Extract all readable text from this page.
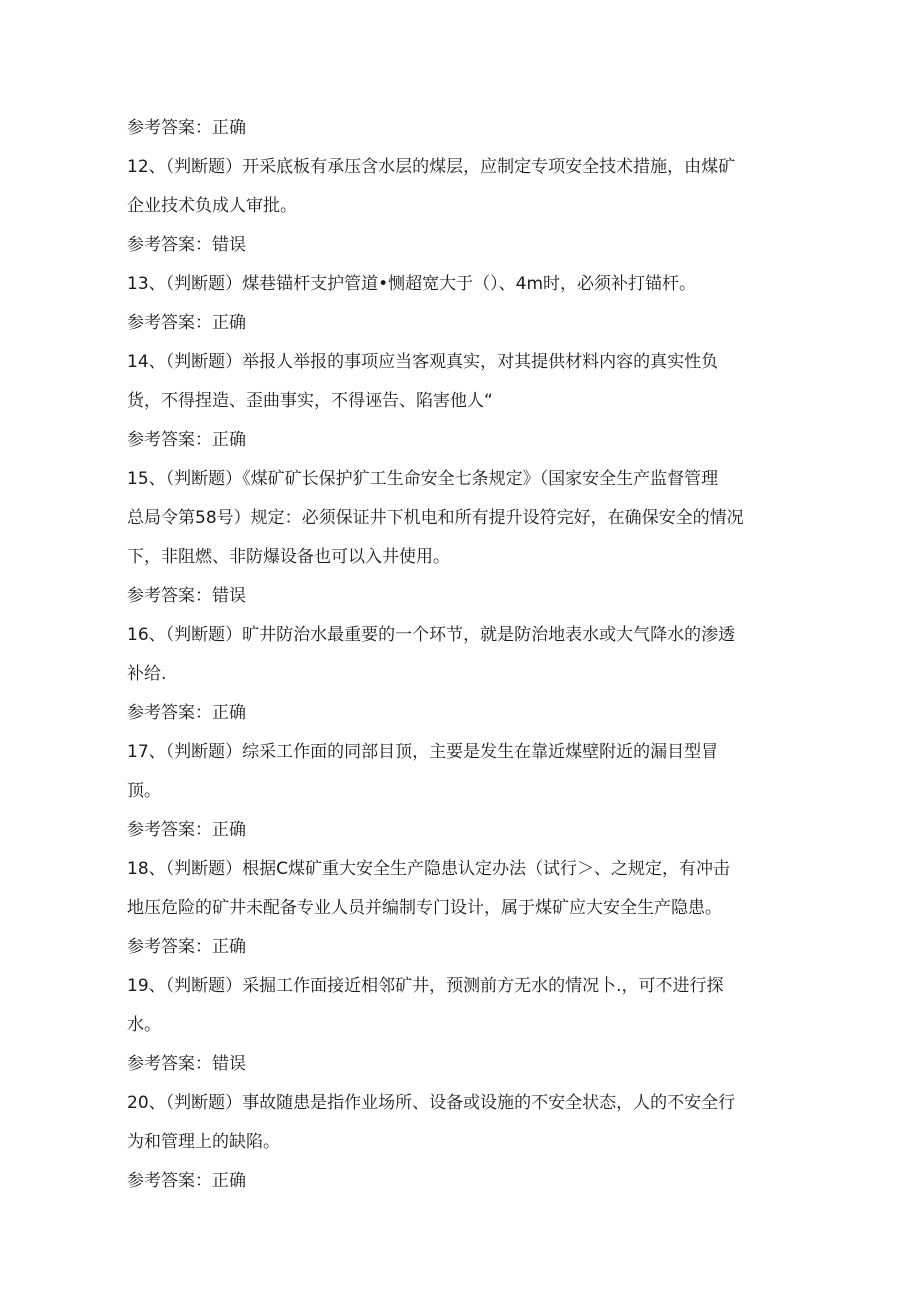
参考答案：正确
12、（判断题）开采底板有承压含水层的煤层，应制定专项安全技术措施，由煤矿
企业技术负成人审批。
参考答案：错误
13、（判断题）煤巷锚杆支护管道•恻超宽大于（）、4m时，必须补打锚杆。
参考答案：正确
14、（判断题）举报人举报的事项应当客观真实，对其提供材料内容的真实性负
货，不得捏造、歪曲事实，不得诬告、陷害他人“
参考答案：正确
15、（判断题）《煤矿矿长保护犷工生命安全七条规定》（国家安全生产监督管理
总局令第58号）规定：必须保证井下机电和所有提升设符完好，在确保安全的情况
下，非阻燃、非防爆设备也可以入井使用。
参考答案：错误
16、（判断题）旷井防治水最重要的一个环节，就是防治地表水或大气降水的渗透
补给.
参考答案：正确
17、（判断题）综采工作面的同部目顶，主要是发生在靠近煤壁附近的漏目型冒
顶。
参考答案：正确
18、（判断题）根据C煤矿重大安全生产隐患认定办法（试行＞、之规定，有冲击
地压危险的矿井未配备专业人员并编制专门设计，属于煤矿应大安全生产隐患。
参考答案：正确
19、（判断题）采掘工作面接近相邻矿井，预测前方无水的情况卜.，可不进行探
水。
参考答案：错误
20、（判断题）事故随患是指作业场所、设备或设施的不安全状态，人的不安全行
为和管理上的缺陷。
参考答案：正确
